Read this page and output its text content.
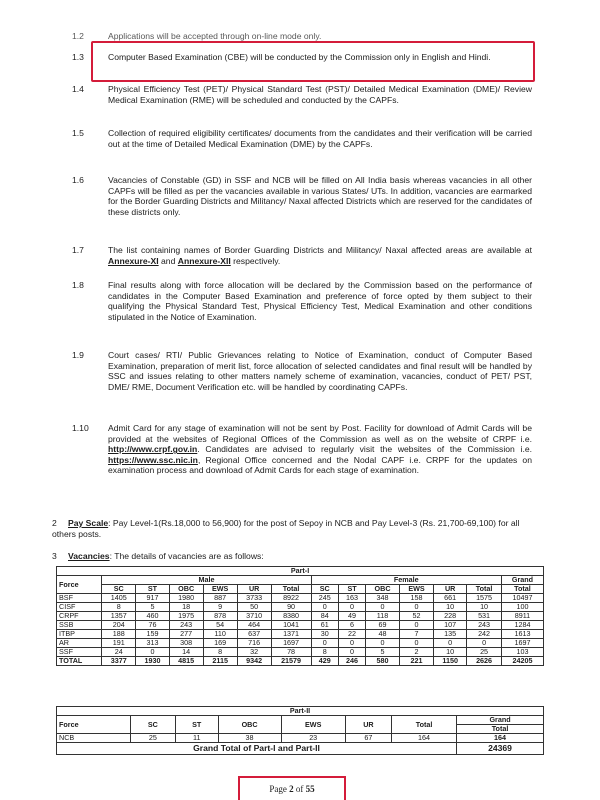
1.2	Applications will be accepted through on-line mode only.
1.3	Computer Based Examination (CBE) will be conducted by the Commission only in English and Hindi.
1.4	Physical Efficiency Test (PET)/ Physical Standard Test (PST)/ Detailed Medical Examination (DME)/ Review Medical Examination (RME) will be scheduled and conducted by the CAPFs.
1.5	Collection of required eligibility certificates/ documents from the candidates and their verification will be carried out at the time of Detailed Medical Examination (DME) by the CAPFs.
1.6	Vacancies of Constable (GD) in SSF and NCB will be filled on All India basis whereas vacancies in all other CAPFs will be filled as per the vacancies available in various States/ UTs. In addition, vacancies are earmarked for the Border Guarding Districts and Militancy/ Naxal affected Districts which are reserved for the candidates of these districts only.
1.7	The list containing names of Border Guarding Districts and Militancy/ Naxal affected areas are available at Annexure-XI and Annexure-XII respectively.
1.8	Final results along with force allocation will be declared by the Commission based on the performance of candidates in the Computer Based Examination and preference of force opted by them subject to their qualifying the Physical Standard Test, Physical Efficiency Test, Medical Examination and other conditions stipulated in the Notice of Examination.
1.9	Court cases/ RTI/ Public Grievances relating to Notice of Examination, conduct of Computer Based Examination, preparation of merit list, force allocation of selected candidates and final result will be handled by SSC and issues relating to other matters namely scheme of examination, vacancies, conduct of PET/ PST, DME/ RME, Document Verification etc. will be handled by coordinating CAPFs.
1.10	Admit Card for any stage of examination will not be sent by Post. Facility for download of Admit Cards will be provided at the websites of Regional Offices of the Commission as well as on the website of CRPF i.e. http://www.crpf.gov.in. Candidates are advised to regularly visit the websites of the Commission i.e. https://www.ssc.nic.in, Regional Office concerned and the Nodal CAPF i.e. CRPF for the updates on examination process and download of Admit Cards for each stage of examination.
2 Pay Scale: Pay Level-1(Rs.18,000 to 56,900) for the post of Sepoy in NCB and Pay Level-3 (Rs. 21,700-69,100) for all others posts.
3 Vacancies: The details of vacancies are as follows:
Part-I													
Force	Male						Female						Grand
	SC	ST	OBC	EWS	UR	Total	SC	ST	OBC	EWS	UR	Total	Total
BSF	1405	917	1980	887	3733	8922	245	163	348	158	661	1575	10497
CISF	8	5	18	9	50	90	0	0	0	0	10	10	100
CRPF	1357	460	1975	878	3710	8380	84	49	118	52	228	531	8911
SSB	204	76	243	54	464	1041	61	6	69	0	107	243	1284
ITBP	188	159	277	110	637	1371	30	22	48	7	135	242	1613
AR	191	313	308	169	716	1697	0	0	0	0	0	0	1697
SSF	24	0	14	8	32	78	8	0	5	2	10	25	103
TOTAL	3377	1930	4815	2115	9342	21579	429	246	580	221	1150	2626	24205
Part-II							
Force	SC	ST	OBC	EWS	UR	Total	Grand
							Total
NCB	25	11	38	23	67	164	164
Grand Total of Part-I and Part-II							24369
Page 2 of 55
